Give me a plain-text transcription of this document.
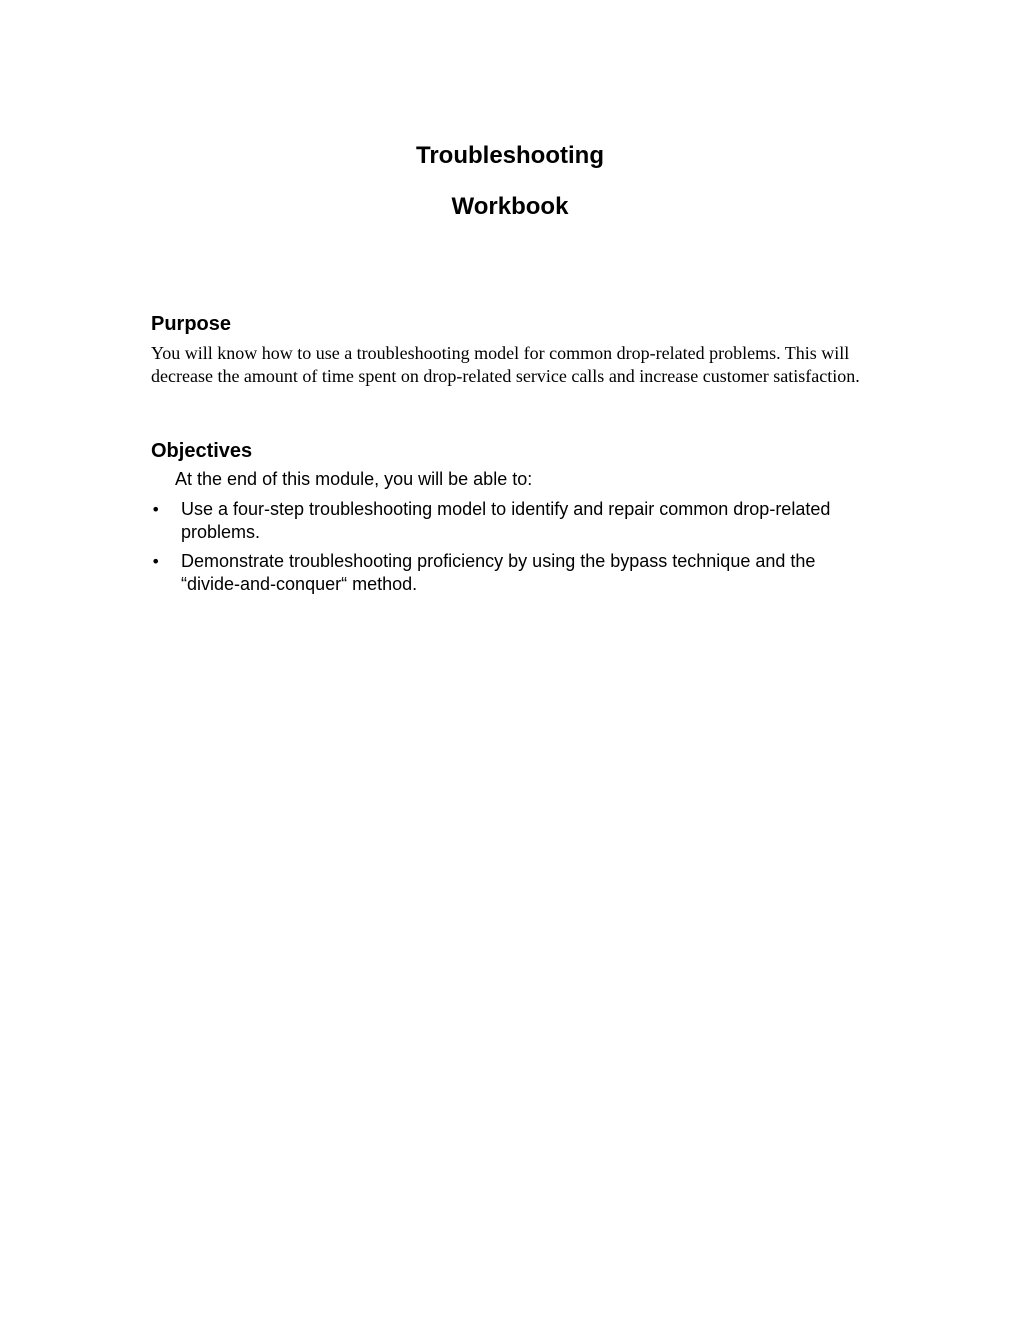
Troubleshooting
Workbook
Purpose

You will know how to use a troubleshooting model for common drop-related problems. This will decrease the amount of time spent on drop-related service calls and increase customer satisfaction.

Objectives

At the end of this module, you will be able to:

• Use a four-step troubleshooting model to identify and repair common drop-related problems.
• Demonstrate troubleshooting proficiency by using the bypass technique and the “divide-and-conquer“ method.
